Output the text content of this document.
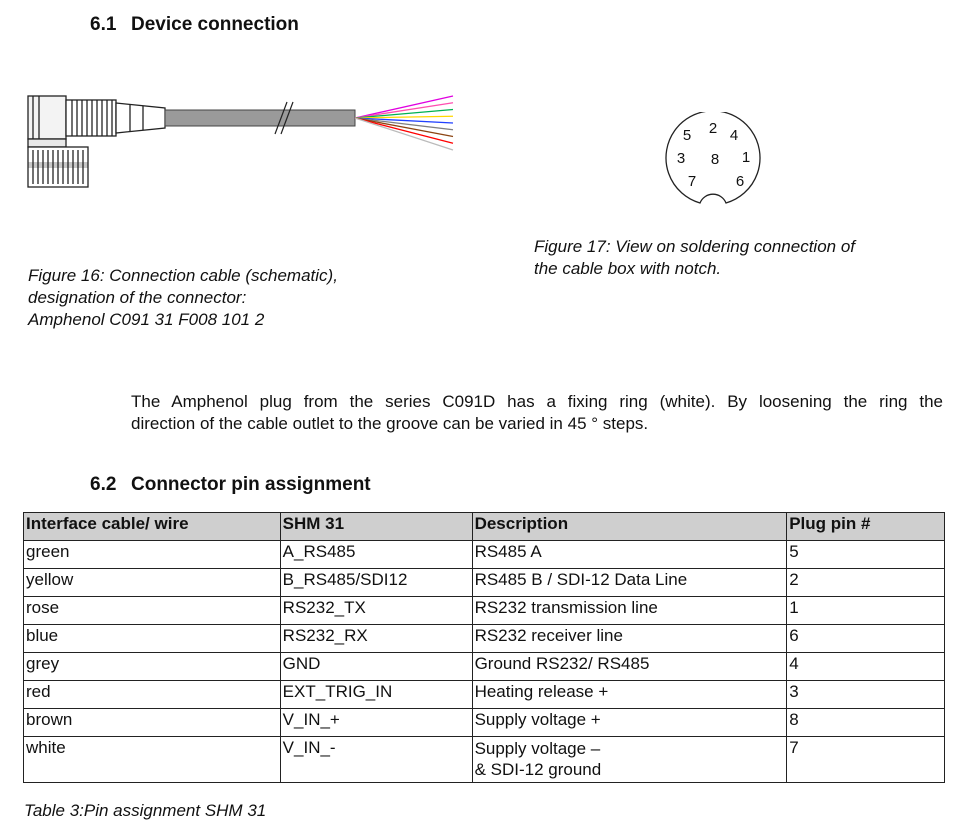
6.1 Device connection
Figure 16: Connection cable (schematic),
designation of the connector:
Amphenol C091 31 F008 101 2
5 2 4
3 8 1
7	6
Figure 17: View on soldering connection of
the cable box with notch.
The Amphenol plug from the series C091D has a fixing ring (white). By loosening the ring the
direction of the cable outlet to the groove can be varied in 45 ° steps.
6.2 Connector pin assignment
Interface cable/ wire	SHM 31	Description	Plug pin #
green	A_RS485	RS485 A	5
yellow	B_RS485/SDI12	RS485 B / SDI-12 Data Line	2
rose	RS232_TX	RS232 transmission line	1
blue	RS232_RX	RS232 receiver line	6
grey	GND	Ground RS232/ RS485	4
red	EXT_TRIG_IN	Heating release +	3
brown	V_IN_+	Supply voltage +	8
white	V_IN_-	Supply voltage –
& SDI-12 ground	7
Table 3:Pin assignment SHM 31
